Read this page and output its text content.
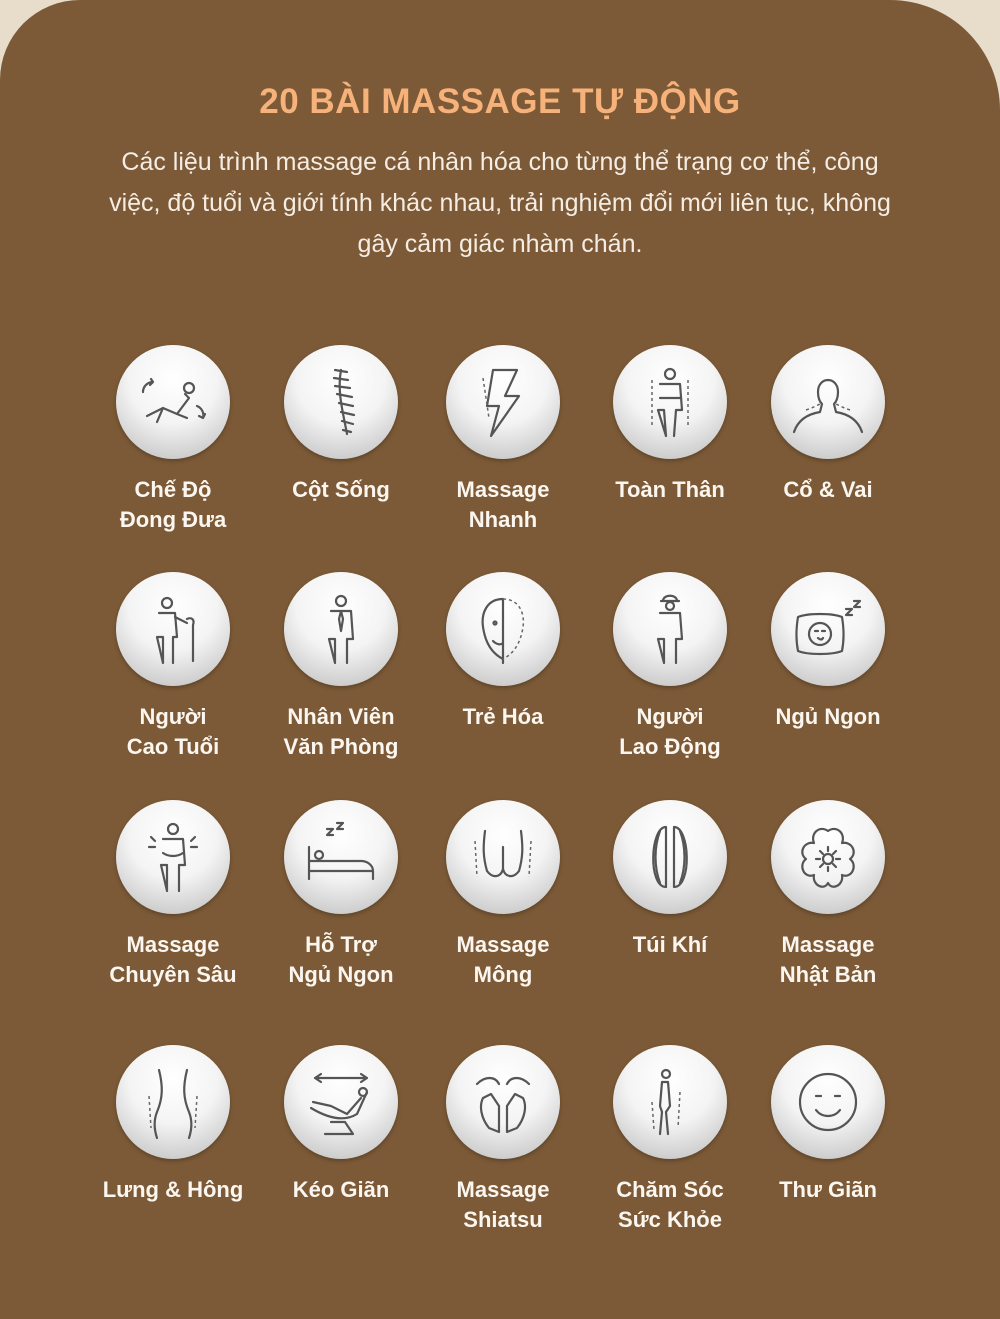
20 BÀI MASSAGE TỰ ĐỘNG
Các liệu trình massage cá nhân hóa cho từng thể trạng cơ thể, công việc, độ tuổi và giới tính khác nhau, trải nghiệm đổi mới liên tục, không gây cảm giác nhàm chán.
Chế Độ
Đong Đưa
Cột Sống	Massage
Nhanh
Toàn Thân	Cổ & Vai
Người
Cao Tuổi
Nhân Viên
Văn Phòng
Trẻ Hóa	Người
Lao Động
Ngủ Ngon
Massage
Chuyên Sâu
Hỗ Trợ
Ngủ Ngon
Massage
Mông
Túi Khí	Massage
Nhật Bản
Lưng & Hông	Kéo Giãn	Massage
Shiatsu
Chăm Sóc
Sức Khỏe
Thư Giãn
